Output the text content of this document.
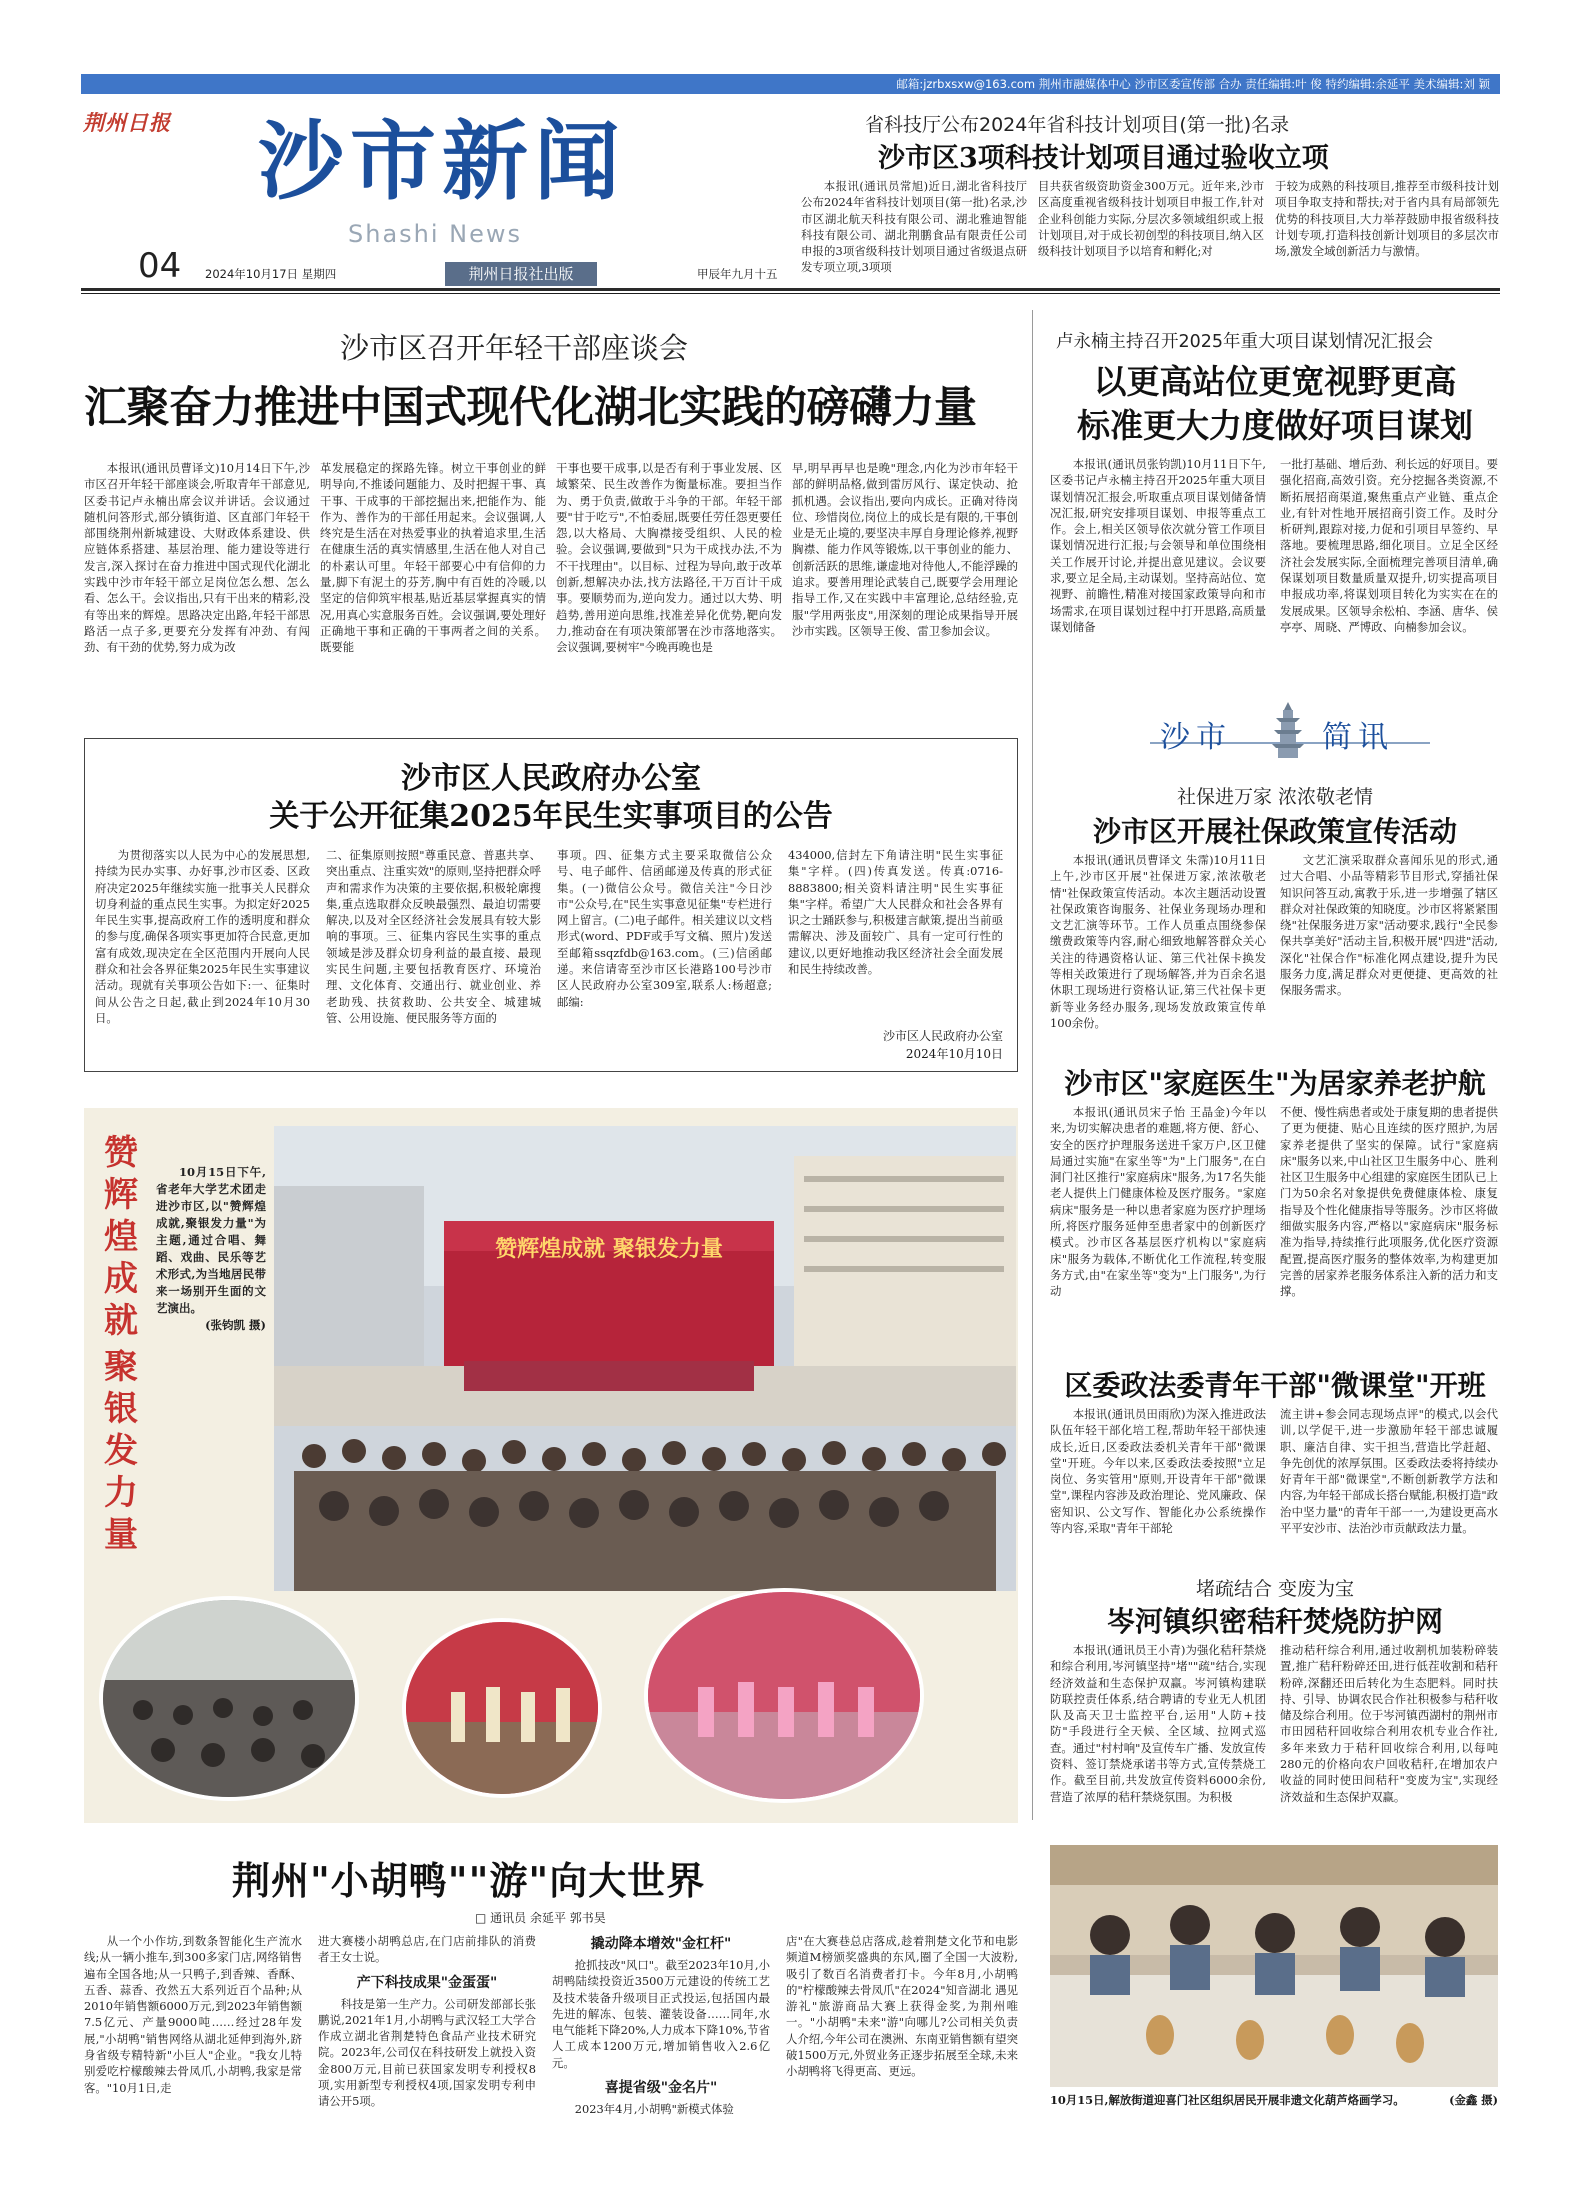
邮箱:jzrbxsxw@163.com 荆州市融媒体中心 沙市区委宣传部 合办 责任编辑:叶 俊 特约编辑:余延平 美术编辑:刘 颖
荆州日报 沙市新闻
Shashi News
04 2024年10月17日 星期四	荆州日报社出版	甲辰年九月十五
省科技厅公布2024年省科技计划项目(第一批)名录
沙市区3项科技计划项目通过验收立项

本报讯(通讯员常旭)近日,湖北省科技厅公布2024年省科技计划项目(第一批)名录,沙市区湖北航天科技有限公司、湖北雅迪智能科技有限公司、湖北荆鹏食品有限责任公司申报的3项省级科技计划项目通过省级退点研发专项立项,3项项

目共获省级资助资金300万元。近年来,沙市区高度重视省级科技计划项目申报工作,针对企业科创能力实际,分层次多领域组织或上报计划项目,对于成长初创型的科技项目,纳入区级科技计划项目予以培育和孵化;对

于较为成熟的科技项目,推荐至市级科技计划项目争取支持和帮扶;对于省内具有局部领先优势的科技项目,大力举荐鼓励申报省级科技计划专项,打造科技创新计划项目的多层次市场,激发全域创新活力与激情。

沙市区召开年轻干部座谈会
汇聚奋力推进中国式现代化湖北实践的磅礴力量

本报讯(通讯员曹译文)10月14日下午,沙市区召开年轻干部座谈会,听取青年干部意见,区委书记卢永楠出席会议并讲话。会议通过随机问答形式,部分镇街道、区直部门年轻干部围绕荆州新城建设、大财政体系建设、供应链体系搭建、基层治理、能力建设等进行发言,深入探讨在奋力推进中国式现代化湖北实践中沙市年轻干部立足岗位怎么想、怎么看、怎么干。会议指出,只有干出来的精彩,没有等出来的辉煌。思路决定出路,年轻干部思路活一点子多,更要充分发挥有冲劲、有闯劲、有干劲的优势,努力成为改

革发展稳定的探路先锋。树立干事创业的鲜明导向,不推诿问题能力、及时把握干事、真干事、干成事的干部挖掘出来,把能作为、能作为、善作为的干部任用起来。会议强调,人终究是生活在对热爱事业的执着追求里,生活在健康生活的真实情感里,生活在他人对自己的朴素认可里。年轻干部要心中有信仰的力量,脚下有泥土的芬芳,胸中有百姓的冷暖,以坚定的信仰筑牢根基,贴近基层掌握真实的情况,用真心实意服务百姓。会议强调,要处理好正确地干事和正确的干事两者之间的关系。既要能

干事也要干成事,以是否有利于事业发展、区域繁荣、民生改善作为衡量标准。要担当作为、勇于负责,做敢于斗争的干部。年轻干部要"甘于吃亏",不怕委屈,既要任劳任怨更要任怨,以大格局、大胸襟接受组织、人民的检验。会议强调,要做到"只为干成找办法,不为不干找理由"。以目标、过程为导向,敢于改革创新,想解决办法,找方法路径,干万百计干成事。要顺势而为,逆向发力。通过以大势、明趋势,善用逆向思维,找准差异化优势,靶向发力,推动奋在有项决策部署在沙市落地落实。会议强调,要树牢"今晚再晚也是

早,明早再早也是晚"理念,内化为沙市年轻干部的鲜明品格,做到雷厉风行、谋定快动、抢抓机遇。会议指出,要向内成长。正确对待岗位、珍惜岗位,岗位上的成长是有限的,干事创业是无止境的,要坚决丰厚自身理论修养,视野胸襟、能力作风等锻炼,以干事创业的能力、创新活跃的思维,谦虚地对待他人,不能浮躁的追求。要善用理论武装自己,既要学会用理论指导工作,又在实践中丰富理论,总结经验,克服"学用两张皮",用深刻的理论成果指导开展沙市实践。区领导王俊、雷卫参加会议。

沙市区人民政府办公室
关于公开征集2025年民生实事项目的公告

为贯彻落实以人民为中心的发展思想,持续为民办实事、办好事,沙市区委、区政府决定2025年继续实施一批事关人民群众切身利益的重点民生实事。为拟定好2025年民生实事,提高政府工作的透明度和群众的参与度,确保各项实事更加符合民意,更加富有成效,现决定在全区范围内开展向人民群众和社会各界征集2025年民生实事建议活动。现就有关事项公告如下:一、征集时间从公告之日起,截止到2024年10月30日。

二、征集原则按照"尊重民意、普惠共享、突出重点、注重实效"的原则,坚持把群众呼声和需求作为决策的主要依据,积极轮廓搜集,重点选取群众反映最强烈、最迫切需要解决,以及对全区经济社会发展具有较大影响的事项。三、征集内容民生实事的重点领域是涉及群众切身利益的最直接、最现实民生问题,主要包括教育医疗、环境治理、文化体育、交通出行、就业创业、养老助残、扶贫救助、公共安全、城建城管、公用设施、便民服务等方面的

事项。四、征集方式主要采取微信公众号、电子邮件、信函邮递及传真的形式征集。(一)微信公众号。微信关注"今日沙市"公众号,在"民生实事意见征集"专栏进行网上留言。(二)电子邮件。相关建议以文档形式(word、PDF或手写文稿、照片)发送至邮箱ssqzfdb@163.com。(三)信函邮递。来信请寄至沙市区长港路100号沙市区人民政府办公室309室,联系人:杨超意;邮编:

434000,信封左下角请注明"民生实事征集"字样。(四)传真发送。传真:0716-8883800;相关资料请注明"民生实事征集"字样。希望广大人民群众和社会各界有识之士踊跃参与,积极建言献策,提出当前亟需解决、涉及面较广、具有一定可行性的建议,以更好地推动我区经济社会全面发展和民生持续改善。

沙市区人民政府办公室
2024年10月10日
赞辉煌成就
聚银发力量
10月15日下午,省老年大学艺术团走进沙市区,以"赞辉煌成就,聚银发力量"为主题,通过合唱、舞蹈、戏曲、民乐等艺术形式,为当地居民带来一场别开生面的文艺演出。
(张钧凯 摄)
赞辉煌成就 聚银发力量
荆州"小胡鸭""游"向大世界
□ 通讯员 余延平 郭书昊

从一个小作坊,到数条智能化生产流水线;从一辆小推车,到300多家门店,网络销售遍布全国各地;从一只鸭子,到香辣、香酥、五香、蒜香、孜然五大系列近百个品种;从2010年销售额6000万元,到2023年销售额7.5亿元、产量9000吨……经过28年发展,"小胡鸭"销售网络从湖北延伸到海外,跻身省级专精特新"小巨人"企业。"我女儿特别爱吃柠檬酸辣去骨凤爪,小胡鸭,我家是常客。"10月1日,走

进大赛楼小胡鸭总店,在门店前排队的消费者王女士说。
产下科技成果"金蛋蛋"
科技是第一生产力。公司研发部部长张鹏说,2021年1月,小胡鸭与武汉轻工大学合作成立湖北省荆楚特色食品产业技术研究院。2023年,公司仅在科技研发上就投入资金800万元,目前已获国家发明专利授权8项,实用新型专利授权4项,国家发明专利申请公开5项。
撬动降本增效"金杠杆"
抢抓技改"风口"。截至2023年10月,小胡鸭陆续投资近3500万元建设的传统工艺及技术装备升级项目正式投运,包括国内最先进的解冻、包装、灌装设备……同年,水电气能耗下降20%,人力成本下降10%,节省人工成本1200万元,增加销售收入2.6亿元。
喜提省级"金名片"
2023年4月,小胡鸭"新模式体验

店"在大赛巷总店落成,趁着荆楚文化节和电影频道M榜颁奖盛典的东风,圈了全国一大波粉,吸引了数百名消费者打卡。今年8月,小胡鸭的"柠檬酸辣去骨凤爪"在2024"知音湖北 遇见游礼"旅游商品大赛上获得金奖,为荆州唯一。"小胡鸭"未来"游"向哪儿?公司相关负责人介绍,今年公司在澳洲、东南亚销售额有望突破1500万元,外贸业务正逐步拓展至全球,未来小胡鸭将飞得更高、更远。

卢永楠主持召开2025年重大项目谋划情况汇报会
以更高站位更宽视野更高
标准更大力度做好项目谋划

本报讯(通讯员张钧凯)10月11日下午,区委书记卢永楠主持召开2025年重大项目谋划情况汇报会,听取重点项目谋划储备情况汇报,研究安排项目谋划、申报等重点工作。会上,相关区领导依次就分管工作项目谋划情况进行汇报;与会领导和单位围绕相关工作展开讨论,并提出意见建议。会议要求,要立足全局,主动谋划。坚持高站位、宽视野、前瞻性,精准对接国家政策导向和市场需求,在项目谋划过程中打开思路,高质量谋划储备

一批打基础、增后劲、利长远的好项目。要强化招商,高效引资。充分挖掘各类资源,不断拓展招商渠道,聚焦重点产业链、重点企业,有针对性地开展招商引资工作。及时分析研判,跟踪对接,力促和引项目早签约、早落地。要梳理思路,细化项目。立足全区经济社会发展实际,全面梳理完善项目清单,确保谋划项目数量质量双提升,切实提高项目申报成功率,将谋划项目转化为实实在在的发展成果。区领导余松柏、李涵、唐华、侯亭亭、周晓、严博政、向楠参加会议。

沙市	简讯
社保进万家 浓浓敬老情
沙市区开展社保政策宣传活动

本报讯(通讯员曹译文 朱霈)10月11日上午,沙市区开展"社保进万家,浓浓敬老情"社保政策宣传活动。本次主题活动设置社保政策咨询服务、社保业务现场办理和文艺汇演等环节。工作人员重点围绕参保缴费政策等内容,耐心细致地解答群众关心关注的待遇资格认证、第三代社保卡换发等相关政策进行了现场解答,并为百余名退休职工现场进行资格认证,第三代社保卡更新等业务经办服务,现场发放政策宣传单100余份。

文艺汇演采取群众喜闻乐见的形式,通过大合唱、小品等精彩节目形式,穿插社保知识问答互动,寓教于乐,进一步增强了辖区群众对社保政策的知晓度。沙市区将紧紧围绕"社保服务进万家"活动要求,践行"全民参保共享美好"活动主旨,积极开展"四进"活动,深化"社保合作"标准化网点建设,提升为民服务力度,满足群众对更便捷、更高效的社保服务需求。

沙市区"家庭医生"为居家养老护航

本报讯(通讯员宋子怡 王晶金)今年以来,为切实解决患者的难题,将方便、舒心、安全的医疗护理服务送进千家万户,区卫健局通过实施"在家坐等"为"上门服务",在白洞门社区推行"家庭病床"服务,为17名失能老人提供上门健康体检及医疗服务。"家庭病床"服务是一种以患者家庭为医疗护理场所,将医疗服务延伸至患者家中的创新医疗模式。沙市区各基层医疗机构以"家庭病床"服务为载体,不断优化工作流程,转变服务方式,由"在家坐等"变为"上门服务",为行动

不便、慢性病患者或处于康复期的患者提供了更为便捷、贴心且连续的医疗照护,为居家养老提供了坚实的保障。试行"家庭病床"服务以来,中山社区卫生服务中心、胜利社区卫生服务中心组建的家庭医生团队已上门为50余名对象提供免费健康体检、康复指导及个性化健康指导等服务。沙市区将做细做实服务内容,严格以"家庭病床"服务标准为指导,持续推行此项服务,优化医疗资源配置,提高医疗服务的整体效率,为构建更加完善的居家养老服务体系注入新的活力和支撑。

区委政法委青年干部"微课堂"开班

本报讯(通讯员田雨欣)为深入推进政法队伍年轻干部化培工程,帮助年轻干部快速成长,近日,区委政法委机关青年干部"微课堂"开班。今年以来,区委政法委按照"立足岗位、务实管用"原则,开设青年干部"微课堂",课程内容涉及政治理论、党风廉政、保密知识、公文写作、智能化办公系统操作等内容,采取"青年干部轮

流主讲+参会同志现场点评"的模式,以会代训,以学促干,进一步激励年轻干部忠诚履职、廉洁自律、实干担当,营造比学赶超、争先创优的浓厚氛围。区委政法委将持续办好青年干部"微课堂",不断创新教学方法和内容,为年轻干部成长搭台赋能,积极打造"政治中坚力量"的青年干部一一,为建设更高水平平安沙市、法治沙市贡献政法力量。

堵疏结合 变废为宝
岑河镇织密秸秆焚烧防护网

本报讯(通讯员王小青)为强化秸秆禁烧和综合利用,岑河镇坚持"堵""疏"结合,实现经济效益和生态保护双赢。岑河镇构建联防联控责任体系,结合聘请的专业无人机团队及高天卫士监控平台,运用"人防+技防"手段进行全天候、全区域、拉网式巡查。通过"村村响"及宣传车广播、发放宣传资料、签订禁烧承诺书等方式,宣传禁烧工作。截至目前,共发放宣传资料6000余份,营造了浓厚的秸秆禁烧氛围。为积极

推动秸秆综合利用,通过收割机加装粉碎装置,推广秸秆粉碎还田,进行低茬收割和秸秆粉碎,深翻还田后转化为生态肥料。同时扶持、引导、协调农民合作社积极参与秸秆收储及综合利用。位于岑河镇西湖村的荆州市市田园秸秆回收综合利用农机专业合作社,多年来致力于秸秆回收综合利用,以每吨280元的价格向农户回收秸秆,在增加农户收益的同时使田间秸秆"变废为宝",实现经济效益和生态保护双赢。

10月15日,解放街道迎喜门社区组织居民开展非遗文化葫芦烙画学习。	(金鑫 摄)
